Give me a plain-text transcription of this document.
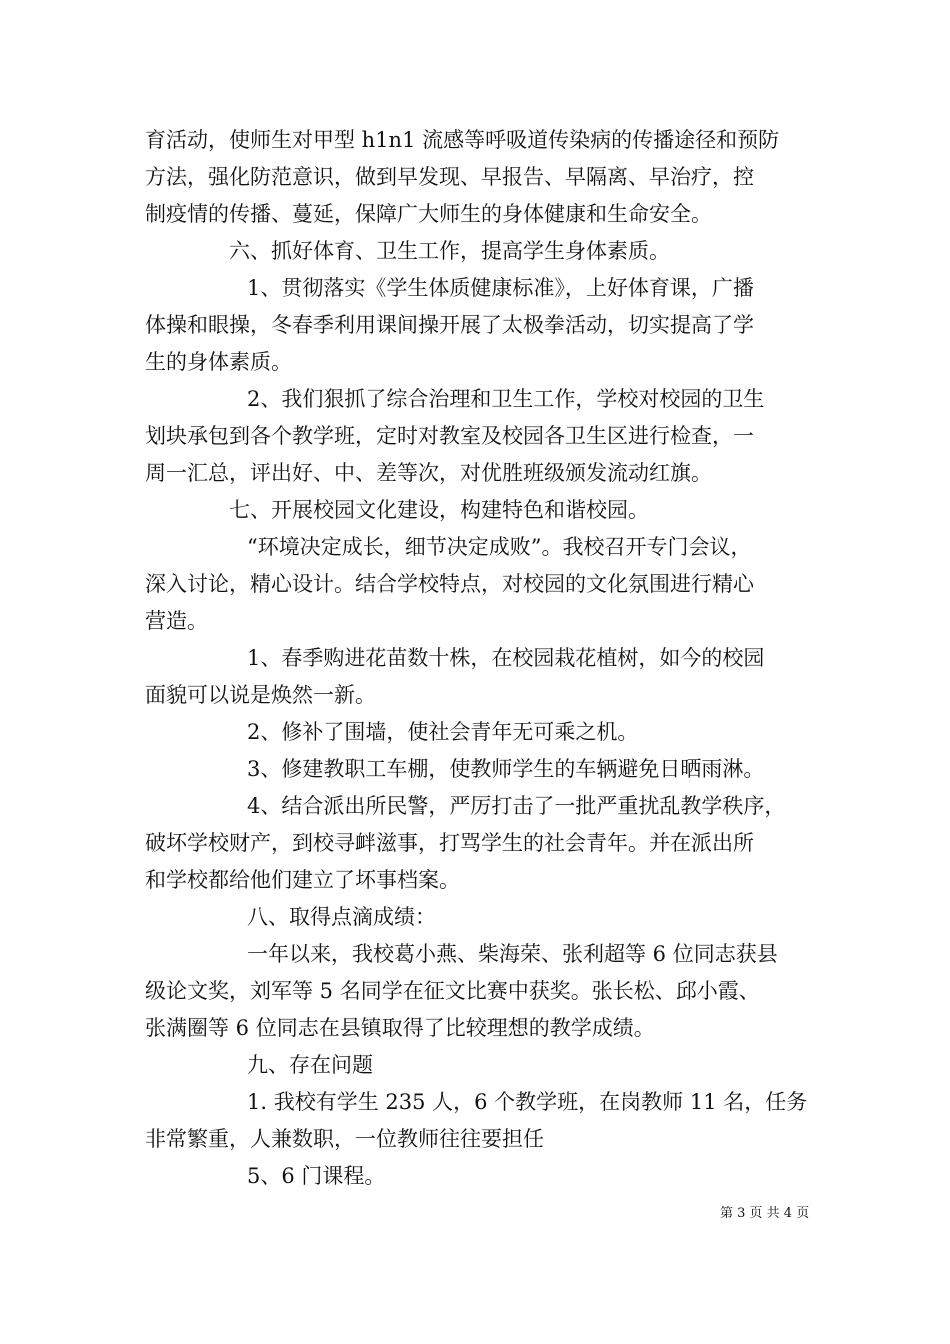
育活动，使师生对甲型 h1n1 流感等呼吸道传染病的传播途径和预防
方法，强化防范意识，做到早发现、早报告、早隔离、早治疗，控
制疫情的传播、蔓延，保障广大师生的身体健康和生命安全。
六、抓好体育、卫生工作，提高学生身体素质。
1、贯彻落实《学生体质健康标准》，上好体育课，广播
体操和眼操，冬春季利用课间操开展了太极拳活动，切实提高了学
生的身体素质。
2、我们狠抓了综合治理和卫生工作，学校对校园的卫生
划块承包到各个教学班，定时对教室及校园各卫生区进行检查，一
周一汇总，评出好、中、差等次，对优胜班级颁发流动红旗。
七、开展校园文化建设，构建特色和谐校园。
“环境决定成长，细节决定成败”。我校召开专门会议，
深入讨论，精心设计。结合学校特点，对校园的文化氛围进行精心
营造。
1、春季购进花苗数十株，在校园栽花植树，如今的校园
面貌可以说是焕然一新。
2、修补了围墙，使社会青年无可乘之机。
3、修建教职工车棚，使教师学生的车辆避免日晒雨淋。
4、结合派出所民警，严厉打击了一批严重扰乱教学秩序，
破坏学校财产，到校寻衅滋事，打骂学生的社会青年。并在派出所
和学校都给他们建立了坏事档案。
八、取得点滴成绩：
一年以来，我校葛小燕、柴海荣、张利超等 6 位同志获县
级论文奖，刘军等 5 名同学在征文比赛中获奖。张长松、邱小霞、
张满圈等 6 位同志在县镇取得了比较理想的教学成绩。
九、存在问题
1. 我校有学生 235 人，6 个教学班，在岗教师 11 名，任务
非常繁重，人兼数职，一位教师往往要担任
5、6 门课程。
第 3 页 共 4 页
